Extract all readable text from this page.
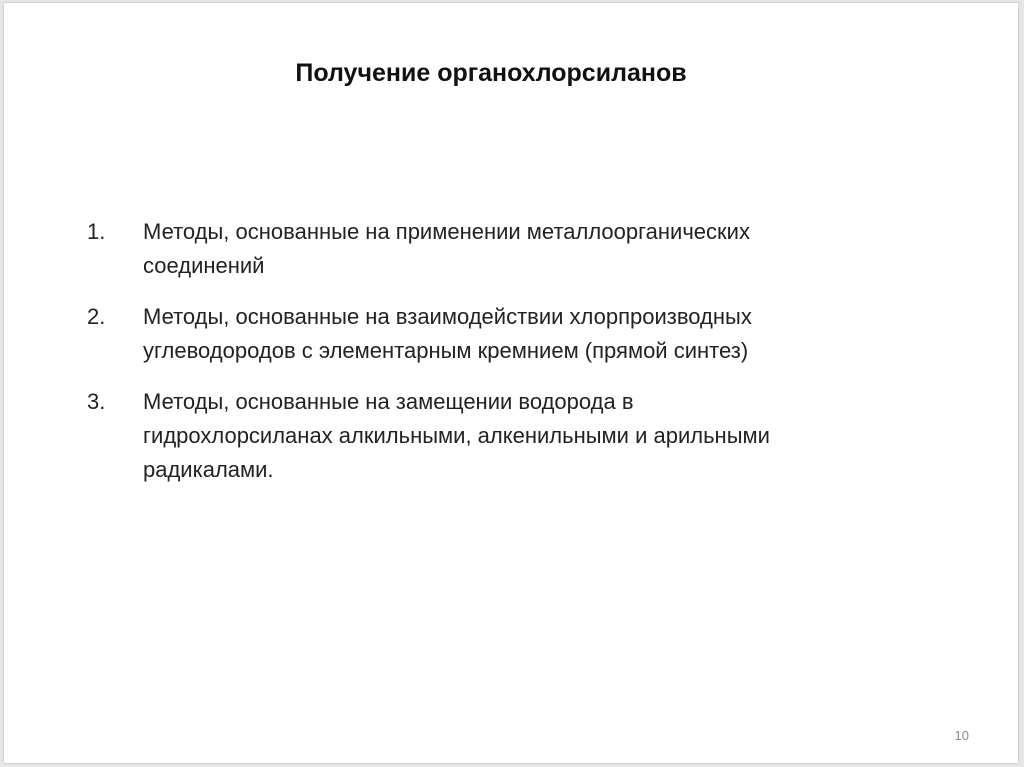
Получение органохлорсиланов
1.	Методы, основанные на применении металлоорганических
соединений
2.	Методы, основанные на взаимодействии хлорпроизводных
углеводородов с элементарным кремнием (прямой синтез)
3.	Методы, основанные на замещении водорода в
гидрохлорсиланах алкильными, алкенильными и арильными
радикалами.
10
